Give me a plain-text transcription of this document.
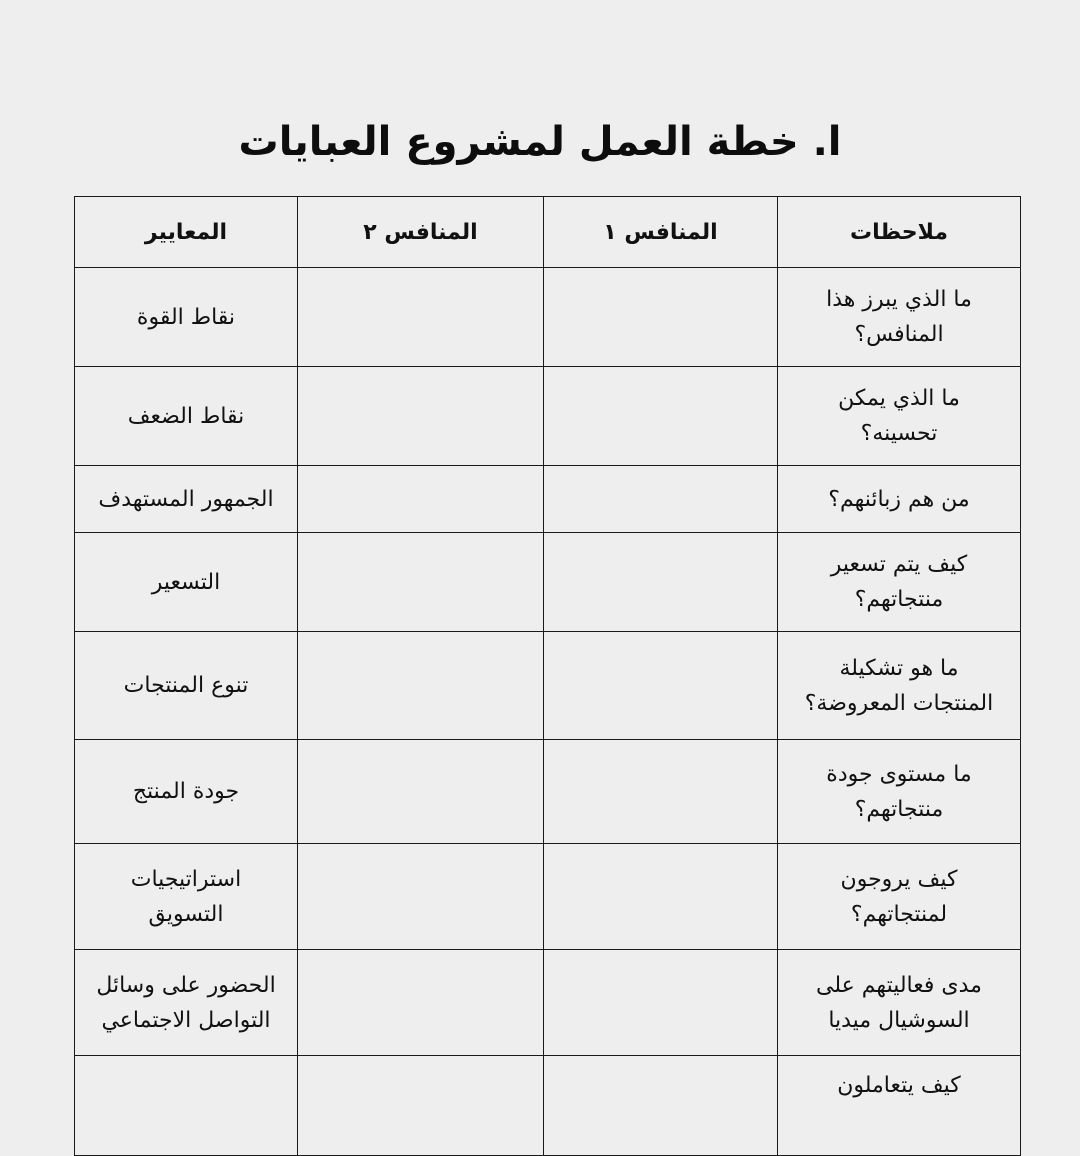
ا. خطة العمل لمشروع العبايات
ملاحظات	المنافس ١	المنافس ٢	المعايير

ما الذي يبرز هذا
المنافس؟			نقاط القوة

ما الذي يمكن
تحسينه؟			نقاط الضعف

من هم زبائنهم؟			الجمهور المستهدف

كيف يتم تسعير
منتجاتهم؟			التسعير

ما هو تشكيلة
المنتجات المعروضة؟			تنوع المنتجات

ما مستوى جودة
منتجاتهم؟			جودة المنتج

كيف يروجون
لمنتجاتهم؟			استراتيجيات
التسويق

مدى فعاليتهم على
السوشيال ميديا			الحضور على وسائل
التواصل الاجتماعي

كيف يتعاملون			
